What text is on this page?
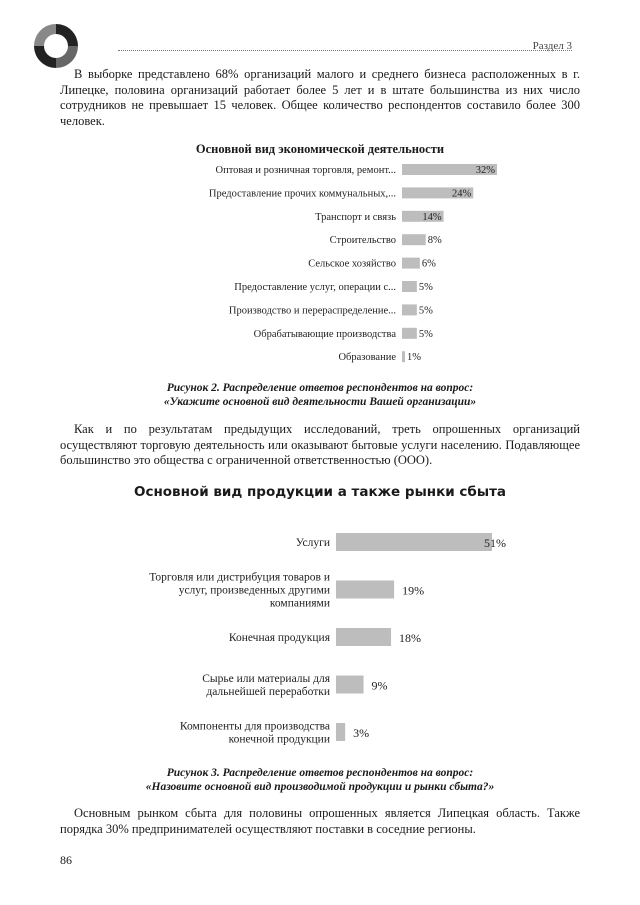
Раздел 3
В выборке представлено 68% организаций малого и среднего бизнеса расположенных в г. Липецке, половина организаций работает более 5 лет и в штате большинства из них число сотрудников не превышает 15 человек. Общее количество респондентов составило более 300 человек.
Основной вид экономической деятельности
Оптовая и розничная торговля, ремонт...	32%
Предоставление прочих коммунальных,...	24%
Транспорт и связь	14%
Строительство	8%
Сельское хозяйство 6%
Предоставление услуг, операции с... 5%
Производство и перераспределение... 5%
Обрабатывающие производства 5%
Образование 1%
Рисунок 2. Распределение ответов респондентов на вопрос:
«Укажите основной вид деятельности Вашей организации»
Как и по результатам предыдущих исследований, треть опрошенных организаций осуществляют торговую деятельность или оказывают бытовые услуги населению. Подавляющее большинство это общества с ограниченной ответственностью (ООО).
Основной вид продукции а также рынки сбыта
Услуги	51%
Торговля или дистрибуция товаров и услуг, произведенных другими компаниями
19%
Конечная продукция	18%
Сырье или материалы для дальнейшей переработки	9%
Компоненты для производства конечной продукции 3%
Рисунок 3. Распределение ответов респондентов на вопрос:
«Назовите основной вид производимой продукции и рынки сбыта?»
Основным рынком сбыта для половины опрошенных является Липецкая область. Также порядка 30% предпринимателей осуществляют поставки в соседние регионы.
86
